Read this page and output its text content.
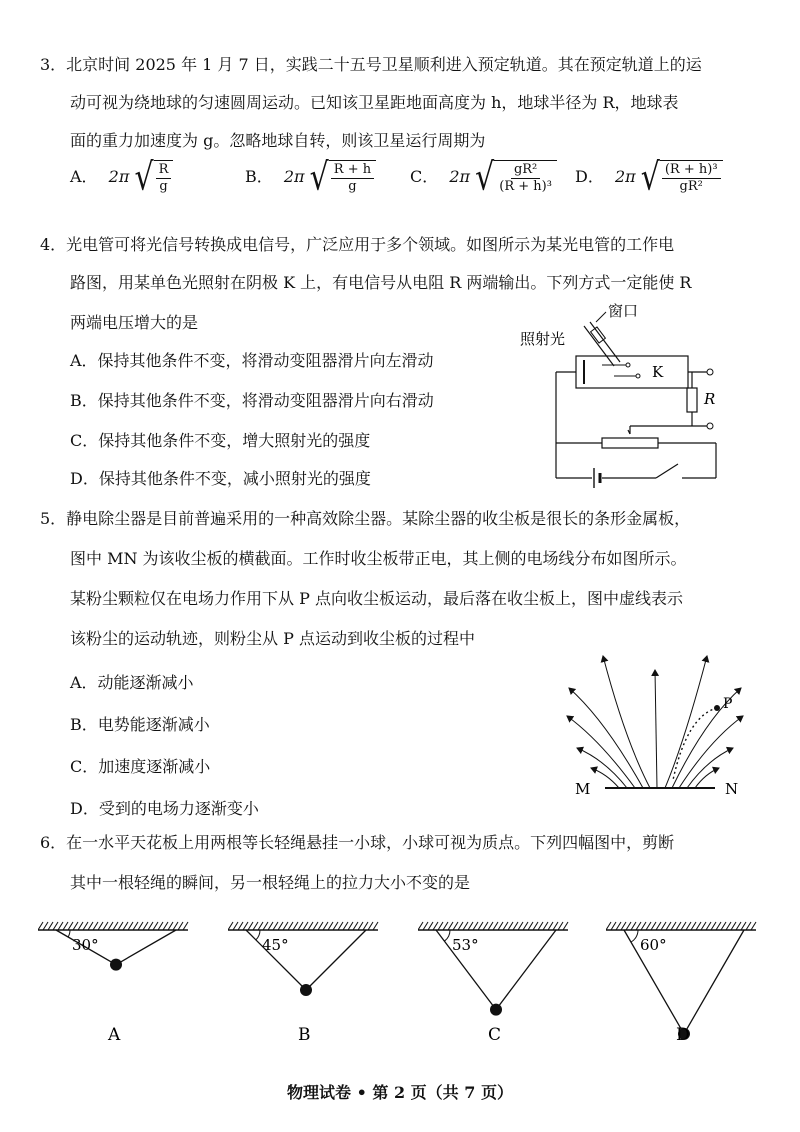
3．北京时间 2025 年 1 月 7 日，实践二十五号卫星顺利进入预定轨道。其在预定轨道上的运
动可视为绕地球的匀速圆周运动。已知该卫星距地面高度为 h，地球半径为 R，地球表
面的重力加速度为 g。忽略地球自转，则该卫星运行周期为
A． 2π √ $\frac{R}{g}$	B． 2π √ $\frac{R + h}{g}$ C． 2π √ $\frac{\text{gR²}}{\text{(R + h)³}}$ D． 2π √ $\frac{\text{(R + h)³}}{\text{gR²}}$
4．光电管可将光信号转换成电信号，广泛应用于多个领域。如图所示为某光电管的工作电
路图，用某单色光照射在阴极 K 上，有电信号从电阻 R 两端输出。下列方式一定能使 R
两端电压增大的是
A．保持其他条件不变，将滑动变阻器滑片向左滑动
B．保持其他条件不变，将滑动变阻器滑片向右滑动
C．保持其他条件不变，增大照射光的强度
D．保持其他条件不变，减小照射光的强度
窗口
照射光
K
R
5．静电除尘器是目前普遍采用的一种高效除尘器。某除尘器的收尘板是很长的条形金属板，
图中 MN 为该收尘板的横截面。工作时收尘板带正电，其上侧的电场线分布如图所示。
某粉尘颗粒仅在电场力作用下从 P 点向收尘板运动，最后落在收尘板上，图中虚线表示
该粉尘的运动轨迹，则粉尘从 P 点运动到收尘板的过程中
A．动能逐渐减小
B．电势能逐渐减小
C．加速度逐渐减小
D．受到的电场力逐渐变小
M	N
P
6．在一水平天花板上用两根等长轻绳悬挂一小球，小球可视为质点。下列四幅图中，剪断
其中一根轻绳的瞬间，另一根轻绳上的拉力大小不变的是
30°
A
45°
B
53°
C
60°
D
物理试卷 • 第 2 页（共 7 页）
